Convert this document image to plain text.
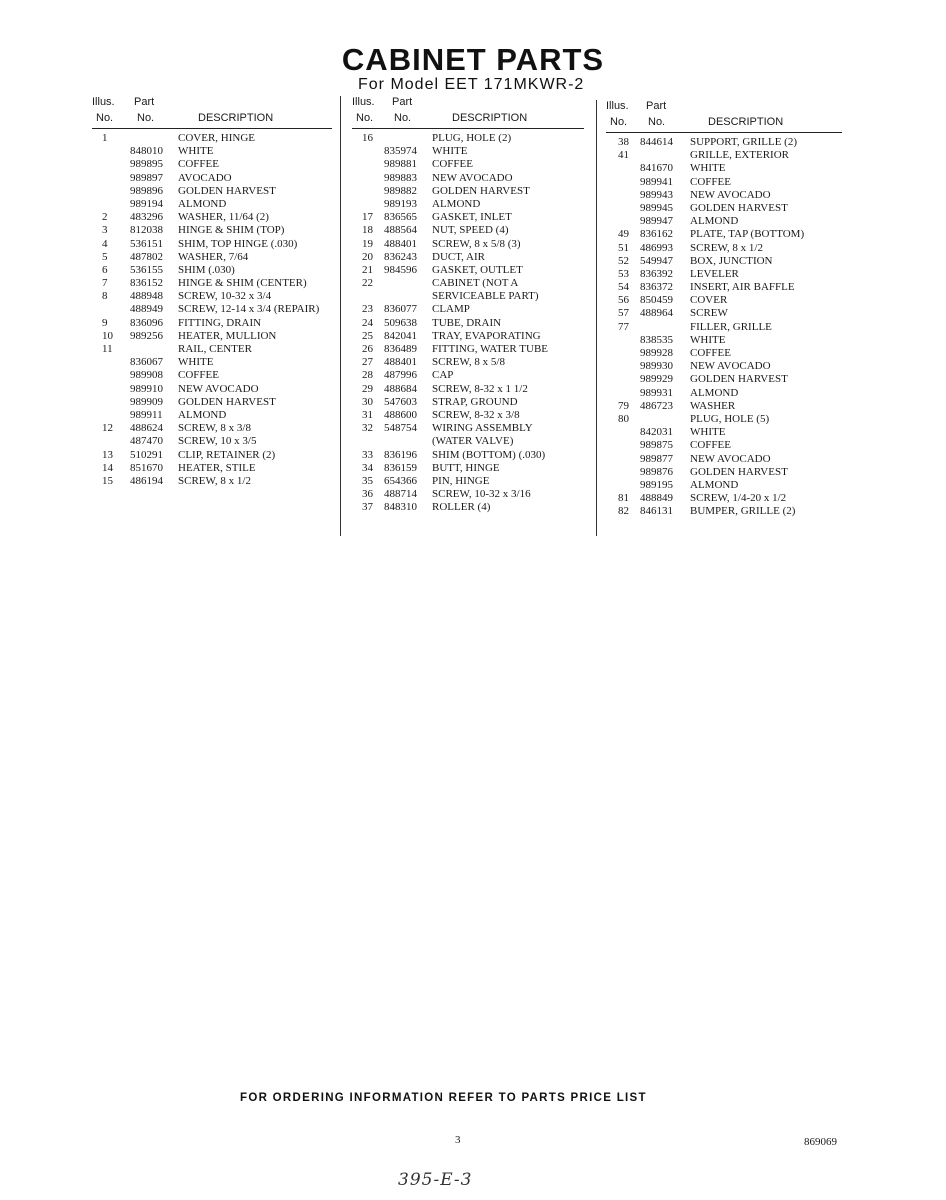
CABINET PARTS
For Model EET 171MKWR-2
Illus. Part
No. No.	DESCRIPTION
1	COVER, HINGE
848010 WHITE
989895 COFFEE
989897 AVOCADO
989896 GOLDEN HARVEST
989194 ALMOND
2 483296 WASHER, 11/64 (2)
3 812038 HINGE & SHIM (TOP)
4 536151 SHIM, TOP HINGE (.030)
5 487802 WASHER, 7/64
6 536155 SHIM (.030)
7 836152 HINGE & SHIM (CENTER)
8 488948 SCREW, 10-32 x 3/4
488949 SCREW, 12-14 x 3/4 (REPAIR)
9 836096 FITTING, DRAIN
10 989256 HEATER, MULLION
11	RAIL, CENTER
836067 WHITE
989908 COFFEE
989910 NEW AVOCADO
989909 GOLDEN HARVEST
989911 ALMOND
12 488624 SCREW, 8 x 3/8
487470 SCREW, 10 x 3/5
13 510291 CLIP, RETAINER (2)
14 851670 HEATER, STILE
15 486194 SCREW, 8 x 1/2
Illus. Part
No. No.	DESCRIPTION
16	PLUG, HOLE (2)
835974 WHITE
989881 COFFEE
989883 NEW AVOCADO
989882 GOLDEN HARVEST
989193 ALMOND
17 836565 GASKET, INLET
18 488564 NUT, SPEED (4)
19 488401 SCREW, 8 x 5/8 (3)
20 836243 DUCT, AIR
21 984596 GASKET, OUTLET
22	CABINET (NOT A
SERVICEABLE PART)
23 836077 CLAMP
24 509638 TUBE, DRAIN
25 842041 TRAY, EVAPORATING
26 836489 FITTING, WATER TUBE
27 488401 SCREW, 8 x 5/8
28 487996 CAP
29 488684 SCREW, 8-32 x 1 1/2
30 547603 STRAP, GROUND
31 488600 SCREW, 8-32 x 3/8
32 548754 WIRING ASSEMBLY
(WATER VALVE)
33 836196 SHIM (BOTTOM) (.030)
34 836159 BUTT, HINGE
35 654366 PIN, HINGE
36 488714 SCREW, 10-32 x 3/16
37 848310 ROLLER (4)
Illus. Part
No. No.	DESCRIPTION
38 844614 SUPPORT, GRILLE (2)
41	GRILLE, EXTERIOR
841670 WHITE
989941 COFFEE
989943 NEW AVOCADO
989945 GOLDEN HARVEST
989947 ALMOND
49 836162 PLATE, TAP (BOTTOM)
51 486993 SCREW, 8 x 1/2
52 549947 BOX, JUNCTION
53 836392 LEVELER
54 836372 INSERT, AIR BAFFLE
56 850459 COVER
57 488964 SCREW
77	FILLER, GRILLE
838535 WHITE
989928 COFFEE
989930 NEW AVOCADO
989929 GOLDEN HARVEST
989931 ALMOND
79 486723 WASHER
80	PLUG, HOLE (5)
842031 WHITE
989875 COFFEE
989877 NEW AVOCADO
989876 GOLDEN HARVEST
989195 ALMOND
81 488849 SCREW, 1/4-20 x 1/2
82 846131 BUMPER, GRILLE (2)
FOR ORDERING INFORMATION REFER TO PARTS PRICE LIST
3	869069
395-E-3
